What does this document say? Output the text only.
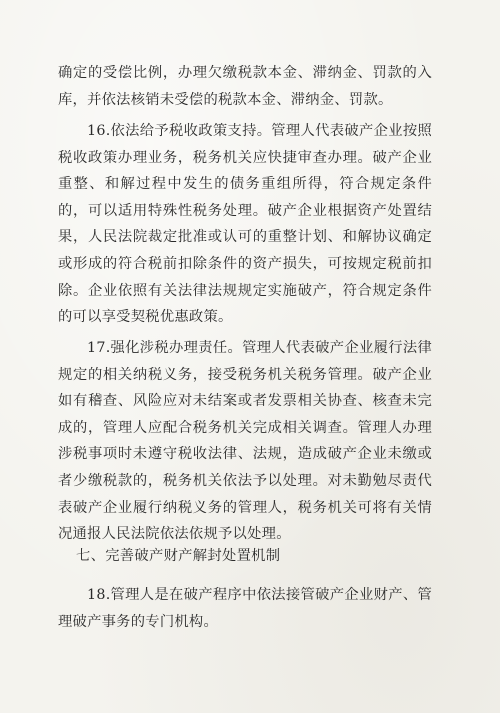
确定的受偿比例，办理欠缴税款本金、滞纳金、罚款的入库，并依法核销未受偿的税款本金、滞纳金、罚款。

16.依法给予税收政策支持。管理人代表破产企业按照税收政策办理业务，税务机关应快捷审查办理。破产企业重整、和解过程中发生的债务重组所得，符合规定条件的，可以适用特殊性税务处理。破产企业根据资产处置结果，人民法院裁定批准或认可的重整计划、和解协议确定或形成的符合税前扣除条件的资产损失，可按规定税前扣除。企业依照有关法律法规规定实施破产，符合规定条件的可以享受契税优惠政策。

17.强化涉税办理责任。管理人代表破产企业履行法律规定的相关纳税义务，接受税务机关税务管理。破产企业如有稽查、风险应对未结案或者发票相关协查、核查未完成的，管理人应配合税务机关完成相关调查。管理人办理涉税事项时未遵守税收法律、法规，造成破产企业未缴或者少缴税款的，税务机关依法予以处理。对未勤勉尽责代表破产企业履行纳税义务的管理人，税务机关可将有关情况通报人民法院依法依规予以处理。

七、完善破产财产解封处置机制

18.管理人是在破产程序中依法接管破产企业财产、管理破产事务的专门机构。
